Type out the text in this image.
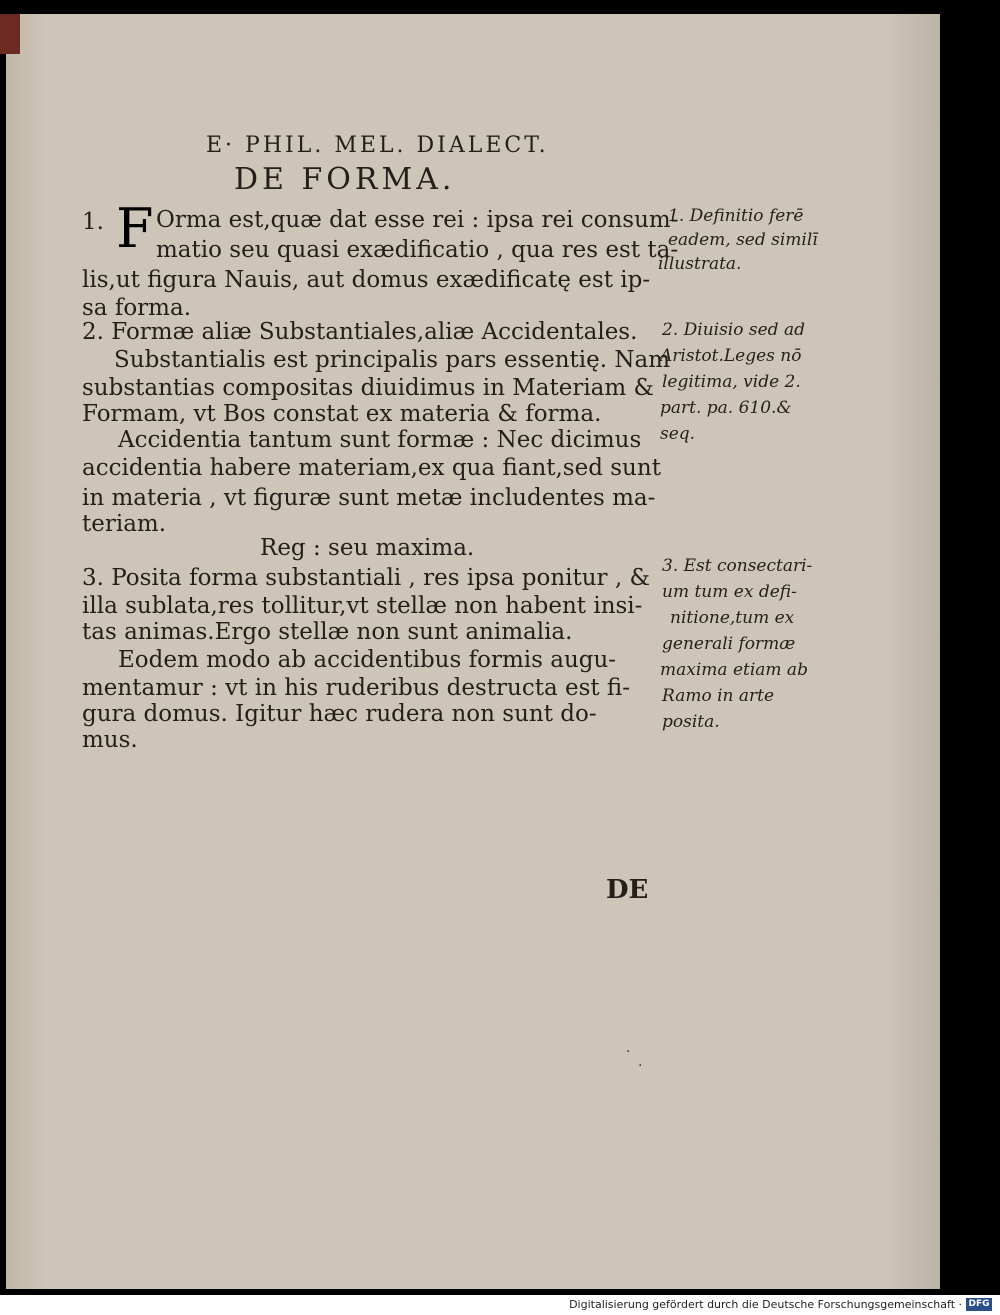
E· PHIL. MEL. DIALECT.
DE FORMA.
1. F Orma est,quæ dat esse rei : ipsa rei consum-
matio seu quasi exædificatio , qua res est ta-
lis,ut figura Nauis, aut domus exædificatę est ip-
sa forma.
2. Formæ aliæ Substantiales,aliæ Accidentales.
Substantialis est principalis pars essentię. Nam
substantias compositas diuidimus in Materiam &
Formam, vt Bos constat ex materia & forma.
Accidentia tantum sunt formæ : Nec dicimus
accidentia habere materiam,ex qua fiant,sed sunt
in materia , vt figuræ sunt metæ includentes ma-
teriam.
Reg : seu maxima.
3. Posita forma substantiali , res ipsa ponitur , &
illa sublata,res tollitur,vt stellæ non habent insi-
tas animas.Ergo stellæ non sunt animalia.
Eodem modo ab accidentibus formis augu-
mentamur : vt in his ruderibus destructa est fi-
gura domus. Igitur hæc rudera non sunt do-
mus.
1. Definitio ferē
eadem, sed similī
illustrata.
2. Diuisio sed ad
Aristot.Leges nō
legitima, vide 2.
part. pa. 610.&
seq.
3. Est consectari-
um tum ex defi-
nitione,tum ex
generali formæ
maxima etiam ab
Ramo in arte
posita.
DE
·
·
Digitalisierung gefördert durch die Deutsche Forschungsgemeinschaft · DFG
